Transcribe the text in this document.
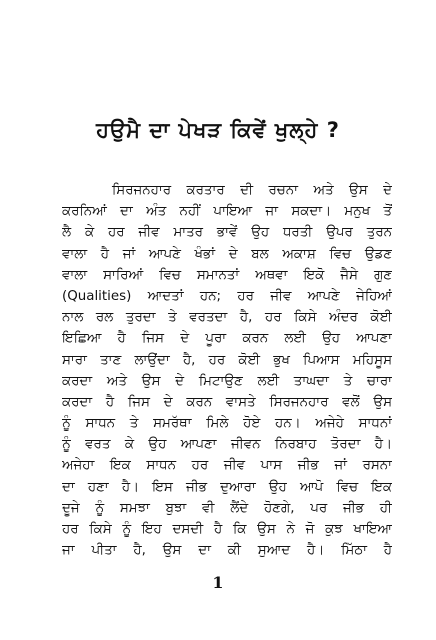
ਹਉਮੈ ਦਾ ਪੇਖੜ ਕਿਵੇਂ ਖੁਲ੍ਹੇ ?
ਸਿਰਜਨਹਾਰ ਕਰਤਾਰ ਦੀ ਰਚਨਾ ਅਤੇ ਉਸ ਦੇ
ਕਰਨਿਆਂ ਦਾ ਅੰਤ ਨਹੀਂ ਪਾਇਆ ਜਾ ਸਕਦਾ। ਮਨੁਖ ਤੋਂ
ਲੈ ਕੇ ਹਰ ਜੀਵ ਮਾਤਰ ਭਾਵੇਂ ਉਹ ਧਰਤੀ ਉਪਰ ਤੁਰਨ
ਵਾਲਾ ਹੈ ਜਾਂ ਆਪਣੇ ਖੰਭਾਂ ਦੇ ਬਲ ਅਕਾਸ਼ ਵਿਚ ਉਡਣ
ਵਾਲਾ ਸਾਰਿਆਂ ਵਿਚ ਸਮਾਨਤਾਂ ਅਥਵਾ ਇਕੋ ਜੈਸੇ ਗੁਣ
(Qualities) ਆਦਤਾਂ ਹਨ; ਹਰ ਜੀਵ ਆਪਣੇ ਜੇਹਿਆਂ
ਨਾਲ ਰਲ ਤੁਰਦਾ ਤੇ ਵਰਤਦਾ ਹੈ, ਹਰ ਕਿਸੇ ਅੰਦਰ ਕੋਈ
ਇਛਿਆ ਹੈ ਜਿਸ ਦੇ ਪੂਰਾ ਕਰਨ ਲਈ ਉਹ ਆਪਣਾ
ਸਾਰਾ ਤਾਣ ਲਾਉਂਦਾ ਹੈ, ਹਰ ਕੋਈ ਭੁਖ ਪਿਆਸ ਮਹਿਸੂਸ
ਕਰਦਾ ਅਤੇ ਉਸ ਦੇ ਮਿਟਾਉਣ ਲਈ ਤਾਘਦਾ ਤੇ ਚਾਰਾ
ਕਰਦਾ ਹੈ ਜਿਸ ਦੇ ਕਰਨ ਵਾਸਤੇ ਸਿਰਜਨਹਾਰ ਵਲੋਂ ਉਸ
ਨੂੰ ਸਾਧਨ ਤੇ ਸਮਰੱਥਾ ਮਿਲੇ ਹੋਏ ਹਨ। ਅਜੇਹੇ ਸਾਧਨਾਂ
ਨੂੰ ਵਰਤ ਕੇ ਉਹ ਆਪਣਾ ਜੀਵਨ ਨਿਰਬਾਹ ਤੋਰਦਾ ਹੈ।
ਅਜੇਹਾ ਇਕ ਸਾਧਨ ਹਰ ਜੀਵ ਪਾਸ ਜੀਭ ਜਾਂ ਰਸਨਾ
ਦਾ ਹਣਾ ਹੈ। ਇਸ ਜੀਭ ਦੁਆਰਾ ਉਹ ਆਪੋ ਵਿਚ ਇਕ
ਦੂਜੇ ਨੂੰ ਸਮਝਾ ਬੁਝਾ ਵੀ ਲੈਂਦੇ ਹੋਣਗੇ, ਪਰ ਜੀਭ ਹੀ
ਹਰ ਕਿਸੇ ਨੂੰ ਇਹ ਦਸਦੀ ਹੈ ਕਿ ਉਸ ਨੇ ਜੋ ਕੁਝ ਖਾਇਆ
ਜਾ ਪੀਤਾ ਹੈ, ਉਸ ਦਾ ਕੀ ਸੁਆਦ ਹੈ। ਮਿੱਠਾ ਹੈ
1
